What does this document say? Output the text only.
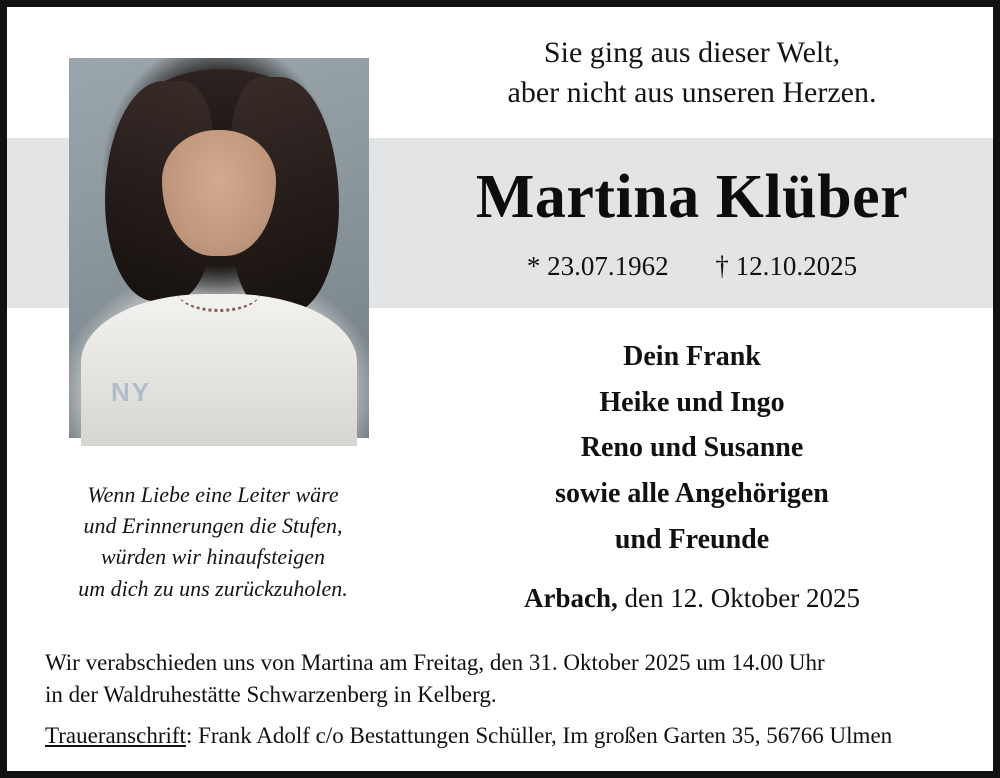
NY
Sie ging aus dieser Welt,
aber nicht aus unseren Herzen.
Martina Klüber
* 23.07.1962 † 12.10.2025
Dein Frank
Heike und Ingo
Reno und Susanne
sowie alle Angehörigen
und Freunde
Arbach, den 12. Oktober 2025
Wenn Liebe eine Leiter wäre
und Erinnerungen die Stufen,
würden wir hinaufsteigen
um dich zu uns zurückzuholen.
Wir verabschieden uns von Martina am Freitag, den 31. Oktober 2025 um 14.00 Uhr
in der Waldruhestätte Schwarzenberg in Kelberg.
Traueranschrift: Frank Adolf c/o Bestattungen Schüller, Im großen Garten 35, 56766 Ulmen
